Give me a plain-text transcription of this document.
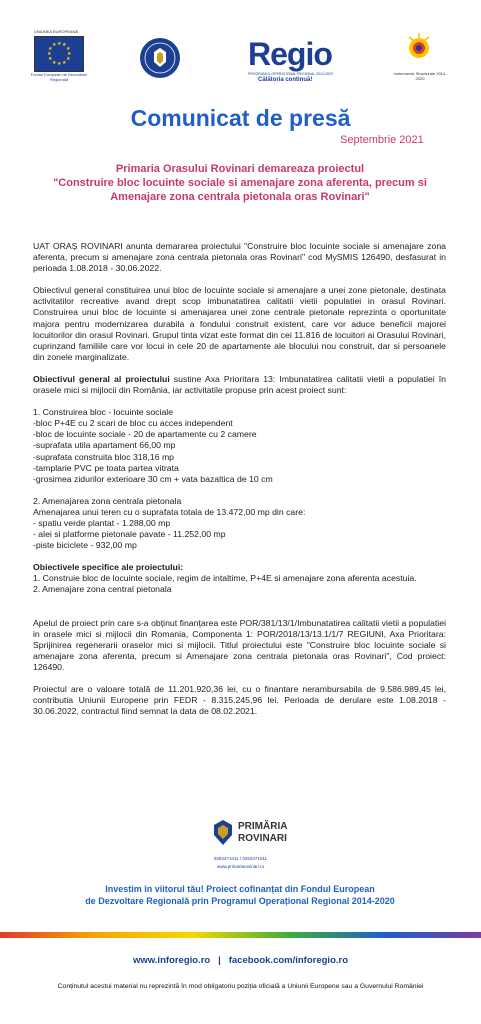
UNIUNEA EUROPEANĂ
★ ★
★
★
★
★
★
★
★
★
★
★
Fondul European de Dezvoltare Regională
Regio
PROGRAMUL OPERAȚIONAL REGIONAL 2014-2020
Călătoria continuă!
Instrumente Structurale 2014-2020
Comunicat de presă
Septembrie 2021
Primaria Orasului Rovinari demareaza proiectul
"Construire bloc locuinte sociale si amenajare zona aferenta, precum si
Amenajare zona centrala pietonala oras Rovinari"

UAT ORAȘ ROVINARI anunta demararea proiectului "Construire bloc locuinte sociale si amenajare zona aferenta, precum si amenajare zona centrala pietonala oras Rovinari" cod MySMIS 126490, desfasurat in perioada 1.08.2018 - 30.06.2022.

Obiectivul general constituirea unui bloc de locuinte sociale si amenajare a unei zone pietonale, destinata activitatilor recreative avand drept scop imbunatatirea calitatii vietii populatiei in orasul Rovinari. Construirea unui bloc de locuinte si amenajarea unei zone centrale pietonale reprezinta o oportunitate majora pentru modernizarea durabila a fondului construit existent, care vor aduce beneficii majorei locuitorilor din orasul Rovinari. Grupul tinta vizat este format din cei 11.816 de locuitori ai Orasului Rovinari, cuprinzand familiile care vor locui in cele 20 de apartamente ale blocului nou construit, dar si persoanele din zonele marginalizate.

Obiectivul general al proiectului sustine Axa Prioritara 13: Imbunatatirea calitatii vietii a populatiei în orasele mici si mijlocii din România, iar activitatile propuse prin acest proiect sunt:

1. Construirea bloc - locuinte sociale
-bloc P+4E cu 2 scari de bloc cu acces independent
-bloc de locuinte sociale - 20 de apartamente cu 2 camere
-suprafata utila apartament 66,00 mp
-suprafata construita bloc 318,16 mp
-tamplarie PVC pe toata partea vitrata
-grosimea zidurilor exterioare 30 cm + vata bazaltica de 10 cm
2. Amenajarea zona centrala pietonala
Amenajarea unui teren cu o suprafata totala de 13.472,00 mp din care:
- spatiu verde plantat - 1.288,00 mp
- alei si platforme pietonale pavate - 11.252,00 mp
-piste biciclete - 932,00 mp
Obiectivele specifice ale proiectului:

1. Construie bloc de locuinte sociale, regim de intaltime, P+4E si amenajare zona aferenta acestuia.

2. Amenajare zona central pietonala

Apelul de proiect prin care s-a obținut finanțarea este POR/381/13/1/Imbunatatirea calitatii vietii a populatiei in orasele mici si mijlocii din Romania, Componenta 1: POR/2018/13/13.1/1/7 REGIUNI, Axa Prioritara: Sprijinirea regenerarii oraselor mici si mijlocii. Titlul proiectului este "Construire bloc locuinte sociale si amenajare zona aferenta, precum si Amenajare zona centrala pietonala oras Rovinari", Cod proiect: 126490.

Proiectul are o valoare totală de 11.201.920,36 lei, cu o finantare nerambursabila de 9.586.989,45 lei, contributia Uniunii Europene prin FEDR - 8.315.245,96 lei. Perioada de derulare este 1.08.2018 - 30.06.2022, contractul fiind semnat la data de 08.02.2021.

PRIMĂRIA
ROVINARI
0253371011 / 0253371011
www.primariarovinari.ro
Investim în viitorul tău! Proiect cofinanțat din Fondul European
de Dezvoltare Regională prin Programul Operațional Regional 2014-2020
www.inforegio.ro | facebook.com/inforegio.ro
Conținutul acestui material nu reprezintă în mod obligatoriu poziția oficială a Uniunii Europene sau a Guvernului României
